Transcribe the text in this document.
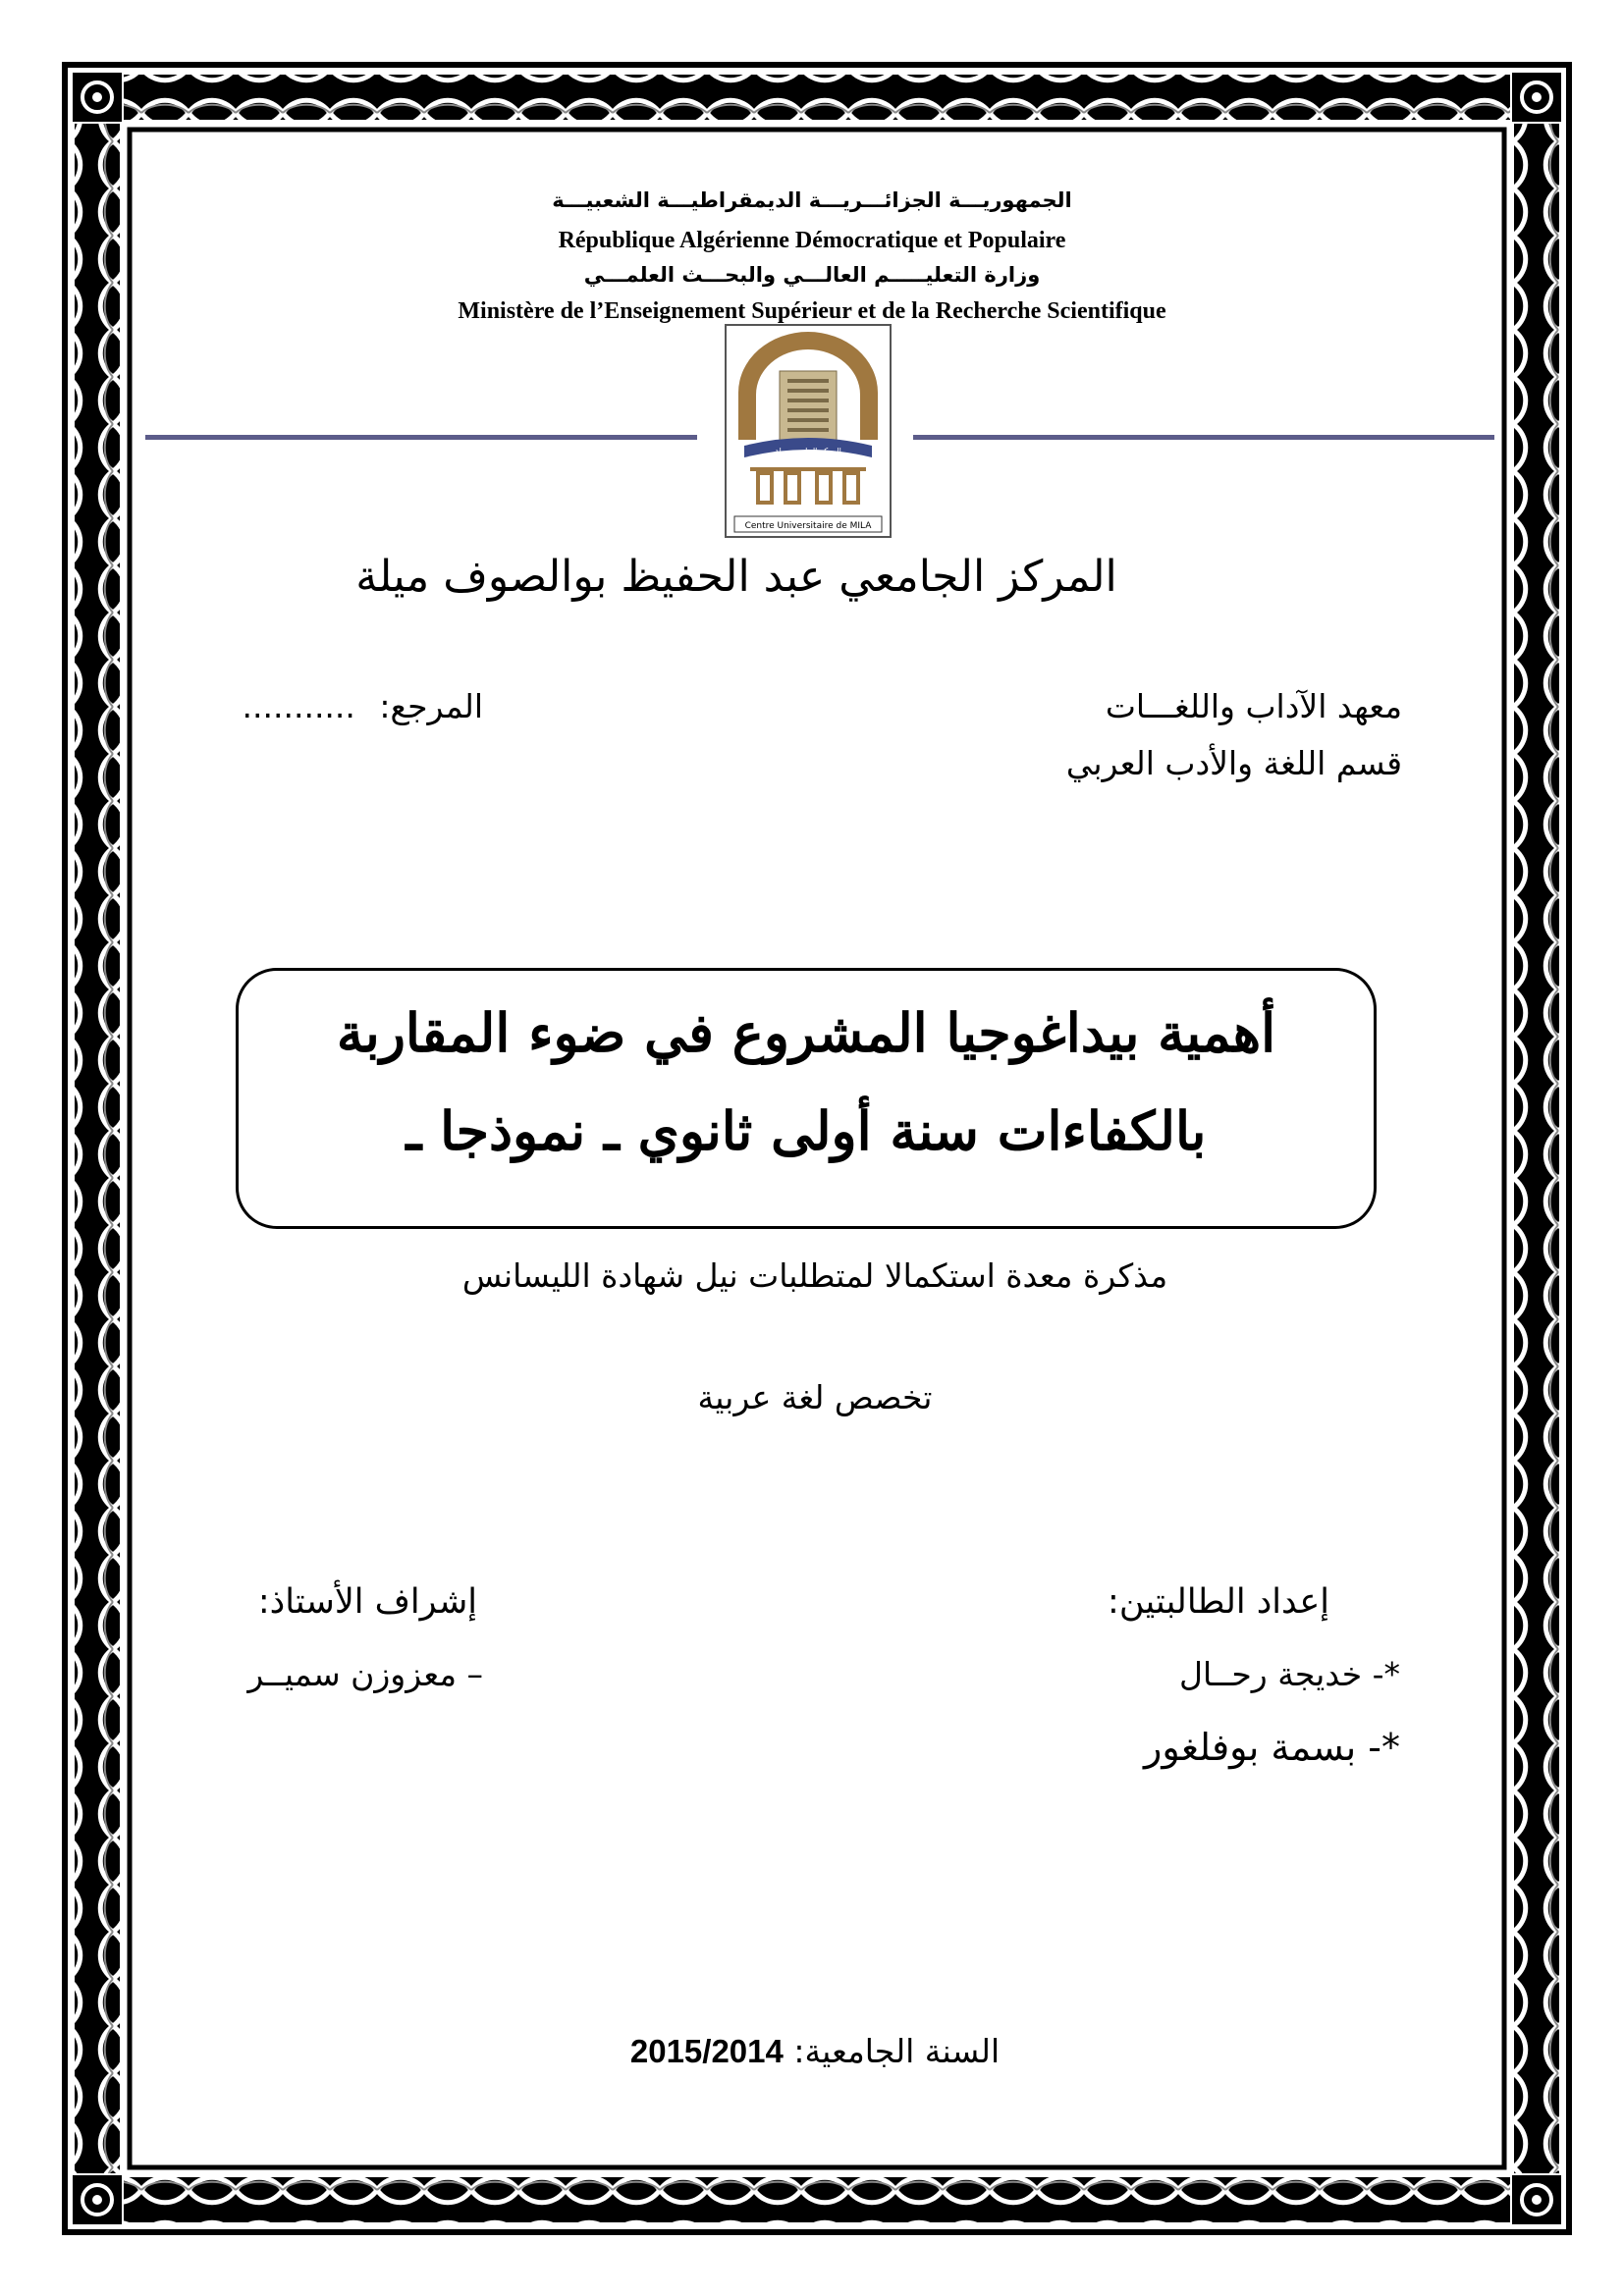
الجمهوريـــة الجزائـــريـــة الديمقراطيـــة الشعبيـــة
République Algérienne Démocratique et Populaire
وزارة التعليـــــم العالـــي والبحـــث العلمـــي
Ministère de l’Enseignement Supérieur et de la Recherche Scientifique
المركز الجامعي ميلة
Centre Universitaire de MILA
المركز الجامعي عبد الحفيظ بوالصوف ميلة
معهد الآداب واللغـــات
قسم اللغة والأدب العربي
المرجع: ...........
أهمية بيداغوجيا المشروع في ضوء المقاربة
بالكفاءات سنة أولى ثانوي ـ نموذجا ـ
مذكرة معدة استكمالا لمتطلبات نيل شهادة الليسانس
تخصص لغة عربية
إعداد الطالبتين:
*- خديجة رحــال
*- بسمة بوفلغور
إشراف الأستاذ:
– معزوزن سميــر
السنة الجامعية: 2015/2014
